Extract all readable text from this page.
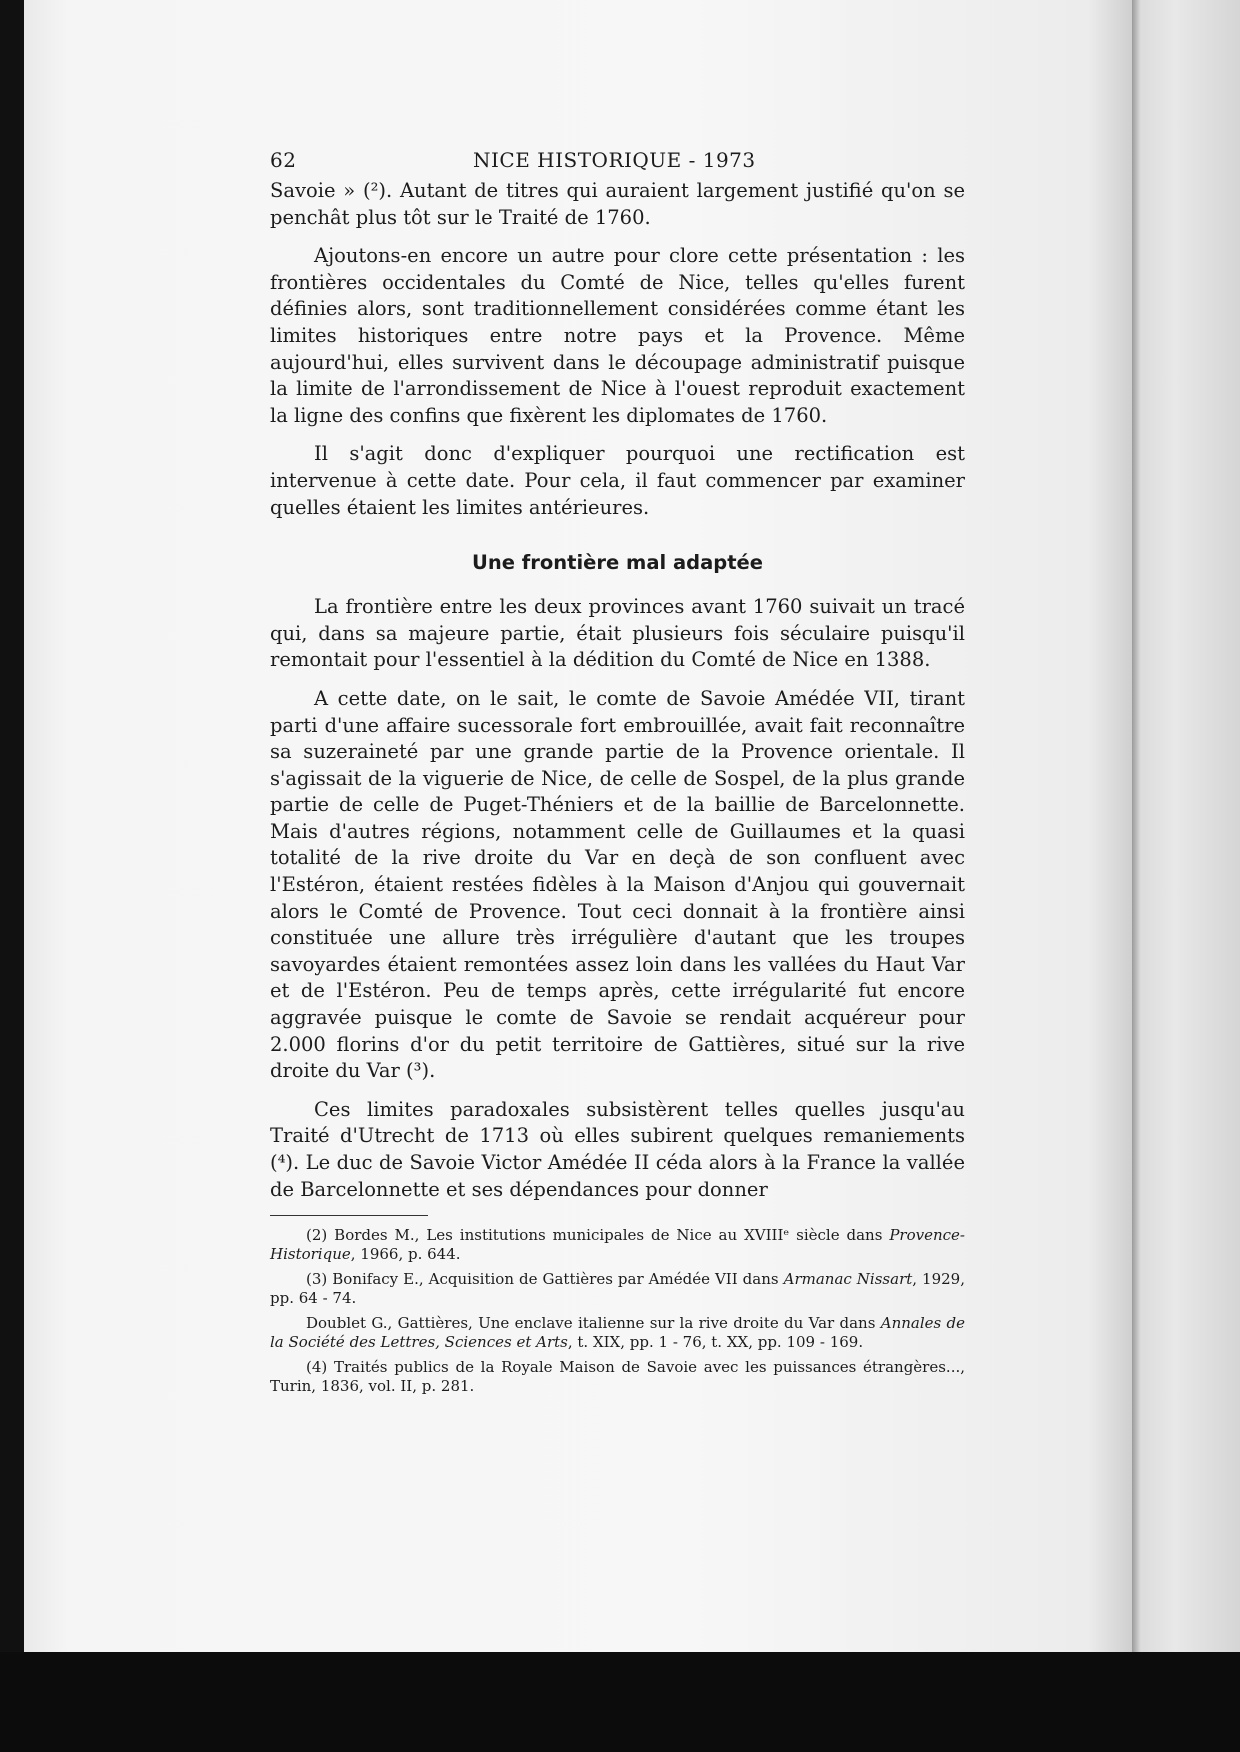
62	NICE HISTORIQUE - 1973

Savoie » (²). Autant de titres qui auraient largement justifié qu'on se penchât plus tôt sur le Traité de 1760.

Ajoutons-en encore un autre pour clore cette présentation : les frontières occidentales du Comté de Nice, telles qu'elles furent définies alors, sont traditionnellement considérées comme étant les limites historiques entre notre pays et la Provence. Même aujourd'hui, elles survivent dans le découpage administratif puisque la limite de l'arrondissement de Nice à l'ouest reproduit exactement la ligne des confins que fixèrent les diplomates de 1760.

Il s'agit donc d'expliquer pourquoi une rectification est intervenue à cette date. Pour cela, il faut commencer par examiner quelles étaient les limites antérieures.

Une frontière mal adaptée

La frontière entre les deux provinces avant 1760 suivait un tracé qui, dans sa majeure partie, était plusieurs fois séculaire puisqu'il remontait pour l'essentiel à la dédition du Comté de Nice en 1388.

A cette date, on le sait, le comte de Savoie Amédée VII, tirant parti d'une affaire sucessorale fort embrouillée, avait fait reconnaître sa suzeraineté par une grande partie de la Provence orientale. Il s'agissait de la viguerie de Nice, de celle de Sospel, de la plus grande partie de celle de Puget-Théniers et de la baillie de Barcelonnette. Mais d'autres régions, notamment celle de Guillaumes et la quasi totalité de la rive droite du Var en deçà de son confluent avec l'Estéron, étaient restées fidèles à la Maison d'Anjou qui gouvernait alors le Comté de Provence. Tout ceci donnait à la frontière ainsi constituée une allure très irrégulière d'autant que les troupes savoyardes étaient remontées assez loin dans les vallées du Haut Var et de l'Estéron. Peu de temps après, cette irrégularité fut encore aggravée puisque le comte de Savoie se rendait acquéreur pour 2.000 florins d'or du petit territoire de Gattières, situé sur la rive droite du Var (³).

Ces limites paradoxales subsistèrent telles quelles jusqu'au Traité d'Utrecht de 1713 où elles subirent quelques remaniements (⁴). Le duc de Savoie Victor Amédée II céda alors à la France la vallée de Barcelonnette et ses dépendances pour donner

(2) Bordes M., Les institutions municipales de Nice au XVIIIᵉ siècle dans Provence-Historique, 1966, p. 644.

(3) Bonifacy E., Acquisition de Gattières par Amédée VII dans Armanac Nissart, 1929, pp. 64 - 74.

Doublet G., Gattières, Une enclave italienne sur la rive droite du Var dans Annales de la Société des Lettres, Sciences et Arts, t. XIX, pp. 1 - 76, t. XX, pp. 109 - 169.

(4) Traités publics de la Royale Maison de Savoie avec les puissances étrangères..., Turin, 1836, vol. II, p. 281.
